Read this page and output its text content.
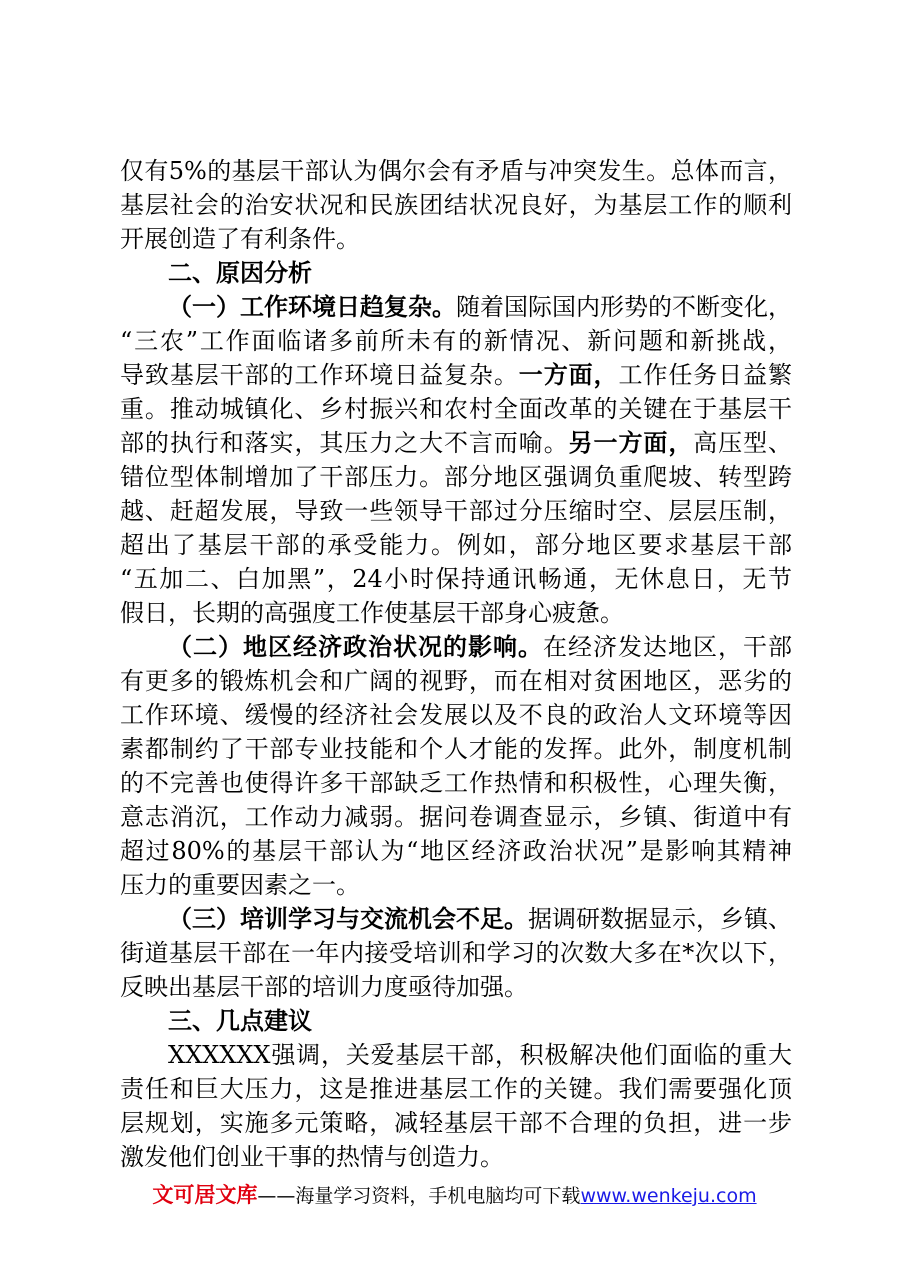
仅有5%的基层干部认为偶尔会有矛盾与冲突发生。总体而言，
基层社会的治安状况和民族团结状况良好，为基层工作的顺利
开展创造了有利条件。
二、原因分析
（一）工作环境日趋复杂。随着国际国内形势的不断变化，
“三农”工作面临诸多前所未有的新情况、新问题和新挑战，
导致基层干部的工作环境日益复杂。一方面，工作任务日益繁
重。推动城镇化、乡村振兴和农村全面改革的关键在于基层干
部的执行和落实，其压力之大不言而喻。另一方面，高压型、
错位型体制增加了干部压力。部分地区强调负重爬坡、转型跨
越、赶超发展，导致一些领导干部过分压缩时空、层层压制，
超出了基层干部的承受能力。例如，部分地区要求基层干部
“五加二、白加黑”，24小时保持通讯畅通，无休息日，无节
假日，长期的高强度工作使基层干部身心疲惫。
（二）地区经济政治状况的影响。在经济发达地区，干部
有更多的锻炼机会和广阔的视野，而在相对贫困地区，恶劣的
工作环境、缓慢的经济社会发展以及不良的政治人文环境等因
素都制约了干部专业技能和个人才能的发挥。此外，制度机制
的不完善也使得许多干部缺乏工作热情和积极性，心理失衡，
意志消沉，工作动力减弱。据问卷调查显示，乡镇、街道中有
超过80%的基层干部认为“地区经济政治状况”是影响其精神
压力的重要因素之一。
（三）培训学习与交流机会不足。据调研数据显示，乡镇、
街道基层干部在一年内接受培训和学习的次数大多在*次以下，
反映出基层干部的培训力度亟待加强。
三、几点建议
XXXXXX强调，关爱基层干部，积极解决他们面临的重大
责任和巨大压力，这是推进基层工作的关键。我们需要强化顶
层规划，实施多元策略，减轻基层干部不合理的负担，进一步
激发他们创业干事的热情与创造力。
文可居文库——海量学习资料，手机电脑均可下载www.wenkeju.com
